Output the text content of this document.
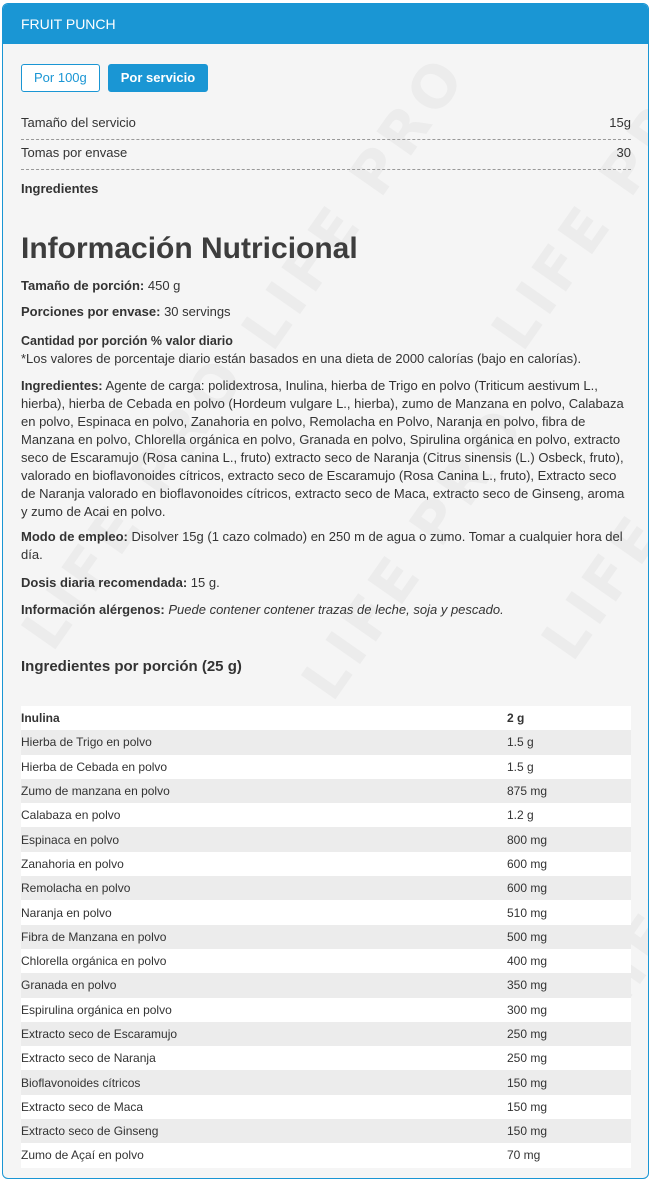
FRUIT PUNCH
Por 100g	Por servicio
Tamaño del servicio	15g
Tomas por envase	30
Ingredientes
Información Nutricional
Tamaño de porción: 450 g
Porciones por envase: 30 servings
Cantidad por porción % valor diario
*Los valores de porcentaje diario están basados en una dieta de 2000 calorías (bajo en calorías).
Ingredientes: Agente de carga: polidextrosa, Inulina, hierba de Trigo en polvo (Triticum aestivum L., hierba), hierba de Cebada en polvo (Hordeum vulgare L., hierba), zumo de Manzana en polvo, Calabaza en polvo, Espinaca en polvo, Zanahoria en polvo, Remolacha en Polvo, Naranja en polvo, fibra de Manzana en polvo, Chlorella orgánica en polvo, Granada en polvo, Spirulina orgánica en polvo, extracto seco de Escaramujo (Rosa canina L., fruto) extracto seco de Naranja (Citrus sinensis (L.) Osbeck, fruto), valorado en bioflavonoides cítricos, extracto seco de Escaramujo (Rosa Canina L., fruto), Extracto seco de Naranja valorado en bioflavonoides cítricos, extracto seco de Maca, extracto seco de Ginseng, aroma y zumo de Acai en polvo.
Modo de empleo: Disolver 15g (1 cazo colmado) en 250 m de agua o zumo. Tomar a cualquier hora del día.
Dosis diaria recomendada: 15 g.
Información alérgenos: Puede contener contener trazas de leche, soja y pescado.
Ingredientes por porción (25 g)
Inulina	2 g
Hierba de Trigo en polvo	1.5 g
Hierba de Cebada en polvo	1.5 g
Zumo de manzana en polvo	875 mg
Calabaza en polvo	1.2 g
Espinaca en polvo	800 mg
Zanahoria en polvo	600 mg
Remolacha en polvo	600 mg
Naranja en polvo	510 mg
Fibra de Manzana en polvo	500 mg
Chlorella orgánica en polvo	400 mg
Granada en polvo	350 mg
Espirulina orgánica en polvo	300 mg
Extracto seco de Escaramujo	250 mg
Extracto seco de Naranja	250 mg
Bioflavonoides cítricos	150 mg
Extracto seco de Maca	150 mg
Extracto seco de Ginseng	150 mg
Zumo de Açaí en polvo	70 mg
